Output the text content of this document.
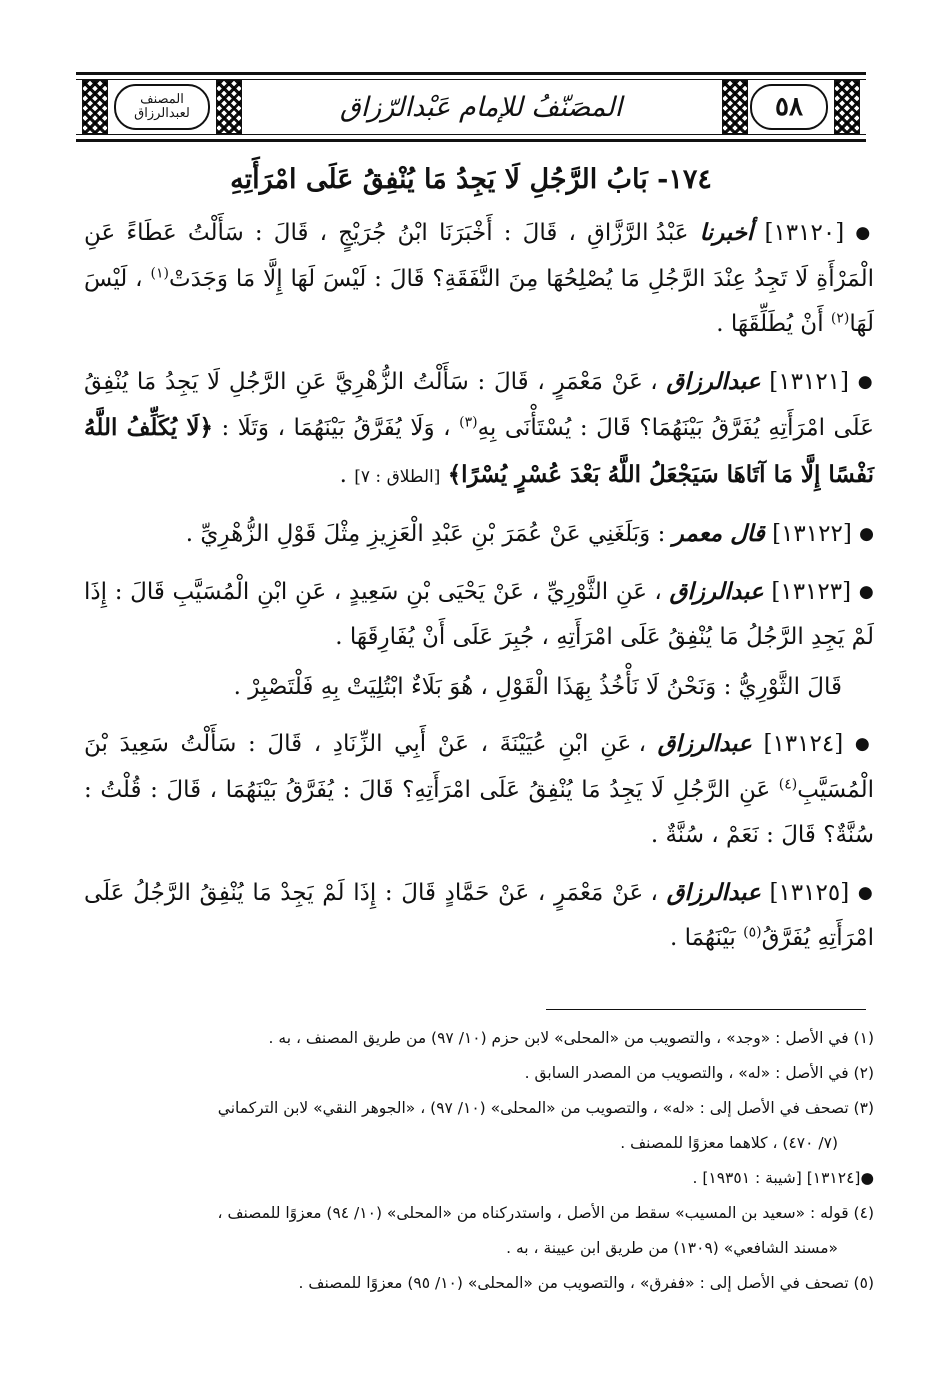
المصنف لعبدالرزاق	المصَنّفُ للإمام عَبْدالرّزاق	٥٨
١٧٤- بَابُ الرَّجُلِ لَا يَجِدُ مَا يُنْفِقُ عَلَى امْرَأَتِهِ

● [١٣١٢٠] أخبرنا عَبْدُ الرَّزَّاقِ ، قَالَ : أَخْبَرَنَا ابْنُ جُرَيْجٍ ، قَالَ : سَأَلْتُ عَطَاءً عَنِ الْمَرْأَةِ لَا تَجِدُ عِنْدَ الرَّجُلِ مَا يُصْلِحُهَا مِنَ النَّفَقَةِ؟ قَالَ : لَيْسَ لَهَا إِلَّا مَا وَجَدَتْ$^{(١)}$ ، لَيْسَ لَهَا$^{(٢)}$ أَنْ يُطَلِّقَهَا .

● [١٣١٢١] عبدالرزاق ، عَنْ مَعْمَرٍ ، قَالَ : سَأَلْتُ الزُّهْرِيَّ عَنِ الرَّجُلِ لَا يَجِدُ مَا يُنْفِقُ عَلَى امْرَأَتِهِ يُفَرَّقُ بَيْنَهُمَا؟ قَالَ : يُسْتَأْنَى بِهِ$^{(٣)}$ ، وَلَا يُفَرَّقُ بَيْنَهُمَا ، وَتَلَا : ﴿لَا يُكَلِّفُ اللَّهُ نَفْسًا إِلَّا مَا آتَاهَا سَيَجْعَلُ اللَّهُ بَعْدَ عُسْرٍ يُسْرًا﴾ [الطلاق : ٧] .

● [١٣١٢٢] قال معمر : وَبَلَغَنِي عَنْ عُمَرَ بْنِ عَبْدِ الْعَزِيزِ مِثْلَ قَوْلِ الزُّهْرِيِّ .

● [١٣١٢٣] عبدالرزاق ، عَنِ الثَّوْرِيِّ ، عَنْ يَحْيَى بْنِ سَعِيدٍ ، عَنِ ابْنِ الْمُسَيَّبِ قَالَ : إِذَا لَمْ يَجِدِ الرَّجُلُ مَا يُنْفِقُ عَلَى امْرَأَتِهِ ، جُبِرَ عَلَى أَنْ يُفَارِقَهَا .

قَالَ الثَّوْرِيُّ : وَنَحْنُ لَا نَأْخُذُ بِهَذَا الْقَوْلِ ، هُوَ بَلَاءٌ ابْتُلِيَتْ بِهِ فَلْتَصْبِرْ .

● [١٣١٢٤] عبدالرزاق ، عَنِ ابْنِ عُيَيْنَةَ ، عَنْ أَبِي الزِّنَادِ ، قَالَ : سَأَلْتُ سَعِيدَ بْنَ الْمُسَيَّبِ$^{(٤)}$ عَنِ الرَّجُلِ لَا يَجِدُ مَا يُنْفِقُ عَلَى امْرَأَتِهِ؟ قَالَ : يُفَرَّقُ بَيْنَهُمَا ، قَالَ : قُلْتُ : سُنَّةٌ؟ قَالَ : نَعَمْ ، سُنَّةٌ .

● [١٣١٢٥] عبدالرزاق ، عَنْ مَعْمَرٍ ، عَنْ حَمَّادٍ قَالَ : إِذَا لَمْ يَجِدْ مَا يُنْفِقُ الرَّجُلُ عَلَى امْرَأَتِهِ يُفَرَّقُ$^{(٥)}$ بَيْنَهُمَا .

(١) في الأصل : «وجد» ، والتصويب من «المحلى» لابن حزم (١٠/ ٩٧) من طريق المصنف ، به .

(٢) في الأصل : «له» ، والتصويب من المصدر السابق .

(٣) تصحف في الأصل إلى : «له» ، والتصويب من «المحلى» (١٠/ ٩٧) ، «الجوهر النقي» لابن التركماني

(٧/ ٤٧٠) ، كلاهما معزوًا للمصنف .

●[١٣١٢٤] [شيبة : ١٩٣٥١] .

(٤) قوله : «سعيد بن المسيب» سقط من الأصل ، واستدركناه من «المحلى» (١٠/ ٩٤) معزوًا للمصنف ،

«مسند الشافعي» (١٣٠٩) من طريق ابن عيينة ، به .

(٥) تصحف في الأصل إلى : «ففرق» ، والتصويب من «المحلى» (١٠/ ٩٥) معزوًا للمصنف .
